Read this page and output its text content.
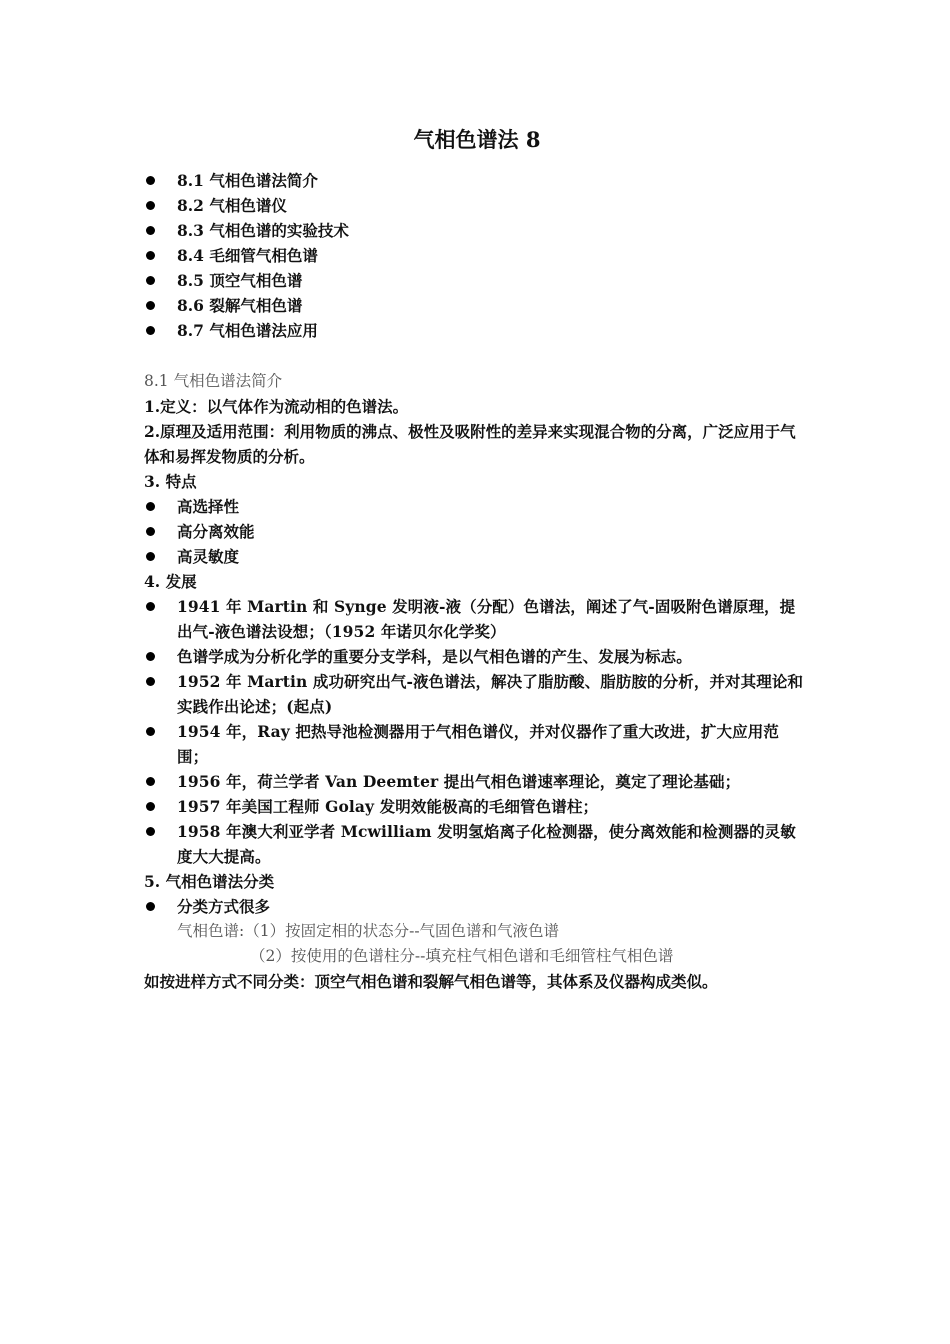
气相色谱法 8
8.1 气相色谱法简介
8.2 气相色谱仪
8.3 气相色谱的实验技术
8.4 毛细管气相色谱
8.5 顶空气相色谱
8.6 裂解气相色谱
8.7 气相色谱法应用

8.1 气相色谱法简介

1.定义：以气体作为流动相的色谱法。

2.原理及适用范围：利用物质的沸点、极性及吸附性的差异来实现混合物的分离，广泛应用于气体和易挥发物质的分析。

3. 特点

高选择性
高分离效能
高灵敏度

4. 发展

1941 年 Martin 和 Synge 发明液-液（分配）色谱法，阐述了气-固吸附色谱原理，提出气-液色谱法设想；（1952 年诺贝尔化学奖）
色谱学成为分析化学的重要分支学科，是以气相色谱的产生、发展为标志。
1952 年 Martin 成功研究出气-液色谱法，解决了脂肪酸、脂肪胺的分析，并对其理论和实践作出论述；(起点)
1954 年，Ray 把热导池检测器用于气相色谱仪，并对仪器作了重大改进，扩大应用范围；
1956 年，荷兰学者 Van Deemter 提出气相色谱速率理论，奠定了理论基础；
1957 年美国工程师 Golay 发明效能极高的毛细管色谱柱；
1958 年澳大利亚学者 Mcwilliam 发明氢焰离子化检测器，使分离效能和检测器的灵敏度大大提高。

5. 气相色谱法分类

分类方式很多

气相色谱:（1）按固定相的状态分--气固色谱和气液色谱

（2）按使用的色谱柱分--填充柱气相色谱和毛细管柱气相色谱

如按进样方式不同分类：顶空气相色谱和裂解气相色谱等，其体系及仪器构成类似。
